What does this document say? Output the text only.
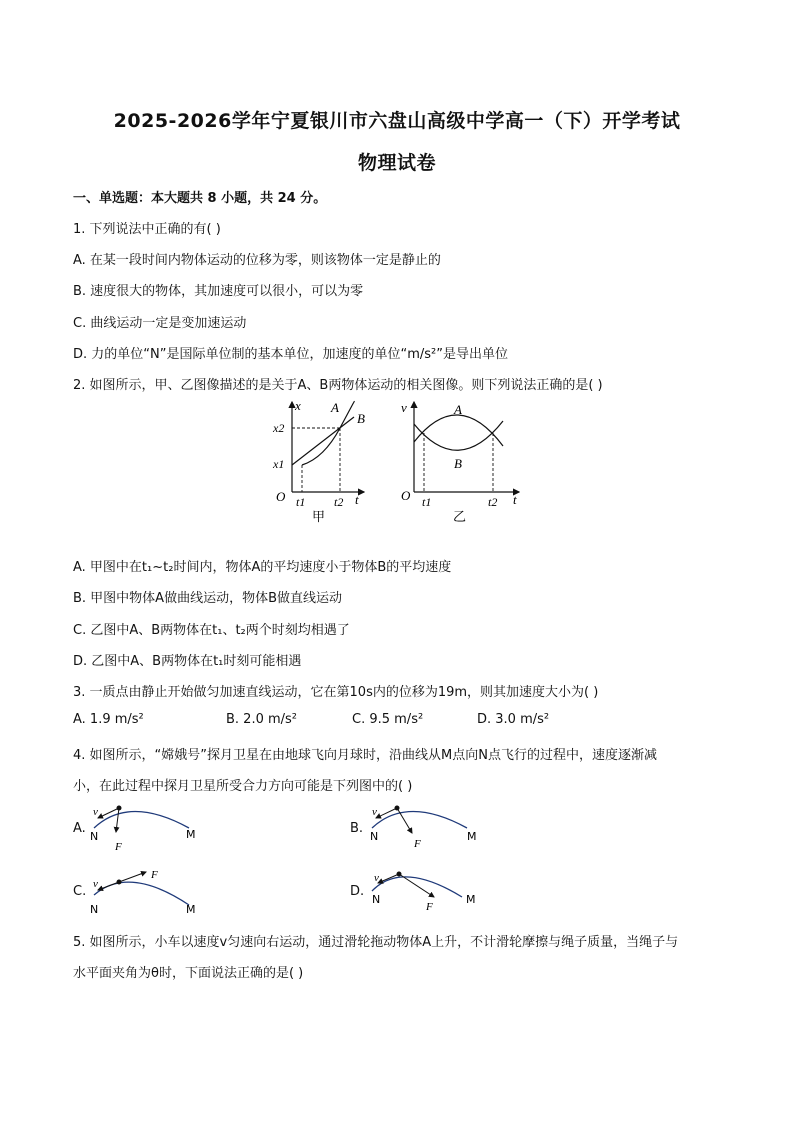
2025-2026学年宁夏银川市六盘山高级中学高一（下）开学考试
物理试卷
一、单选题：本大题共 8 小题，共 24 分。
1. 下列说法中正确的有( )
A. 在某一段时间内物体运动的位移为零，则该物体一定是静止的
B. 速度很大的物体，其加速度可以很小，可以为零
C. 曲线运动一定是变加速运动
D. 力的单位“N”是国际单位制的基本单位，加速度的单位“m/s²”是导出单位
2. 如图所示，甲、乙图像描述的是关于A、B两物体运动的相关图像。则下列说法正确的是( )
x
t
O
x2
x1
t1 t2
A
B
甲
v
t
O t1	t2
A
B
乙
A. 甲图中在t₁~t₂时间内，物体A的平均速度小于物体B的平均速度
B. 甲图中物体A做曲线运动，物体B做直线运动
C. 乙图中A、B两物体在t₁、t₂两个时刻均相遇了
D. 乙图中A、B两物体在t₁时刻可能相遇
3. 一质点由静止开始做匀加速直线运动，它在第10s内的位移为19m，则其加速度大小为( )
A. 1.9 m/s²	B. 2.0 m/s²	C. 9.5 m/s²	D. 3.0 m/s²
4. 如图所示，“嫦娥号”探月卫星在由地球飞向月球时，沿曲线从M点向N点飞行的过程中，速度逐渐减
小，在此过程中探月卫星所受合力方向可能是下列图中的( )
A.
v
N	M
F
B.
v
N	M
F
C. v
N	M
F
D.
v
N	M
F
5. 如图所示，小车以速度v匀速向右运动，通过滑轮拖动物体A上升，不计滑轮摩擦与绳子质量，当绳子与
水平面夹角为θ时，下面说法正确的是( )
